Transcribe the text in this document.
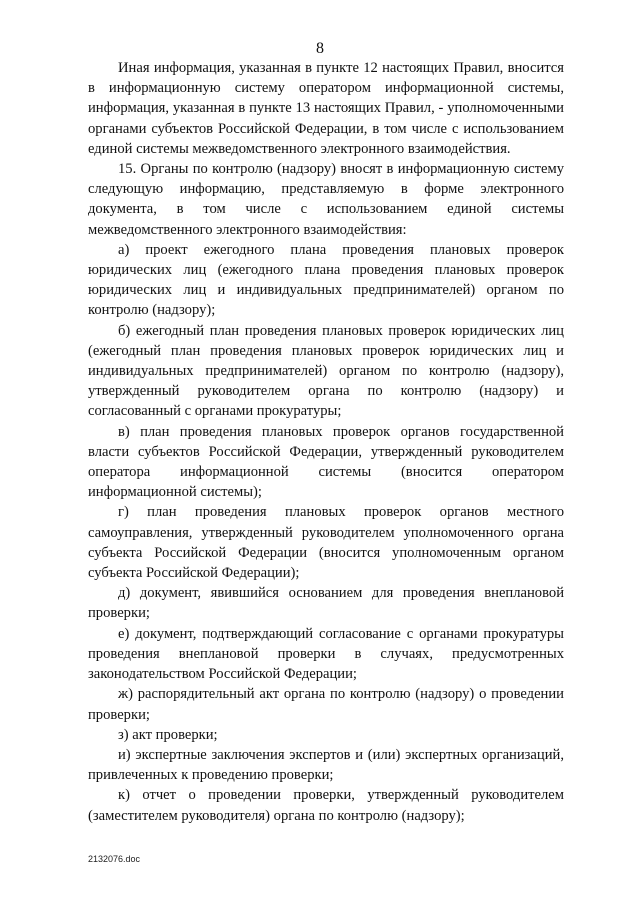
8

Иная информация, указанная в пункте 12 настоящих Правил, вносится в информационную систему оператором информационной системы, информация, указанная в пункте 13 настоящих Правил, - уполномоченными органами субъектов Российской Федерации, в том числе с использованием единой системы межведомственного электронного взаимодействия.

15. Органы по контролю (надзору) вносят в информационную систему следующую информацию, представляемую в форме электронного документа, в том числе с использованием единой системы межведомственного электронного взаимодействия:

а) проект ежегодного плана проведения плановых проверок юридических лиц (ежегодного плана проведения плановых проверок юридических лиц и индивидуальных предпринимателей) органом по контролю (надзору);

б) ежегодный план проведения плановых проверок юридических лиц (ежегодный план проведения плановых проверок юридических лиц и индивидуальных предпринимателей) органом по контролю (надзору), утвержденный руководителем органа по контролю (надзору) и согласованный с органами прокуратуры;

в) план проведения плановых проверок органов государственной власти субъектов Российской Федерации, утвержденный руководителем оператора информационной системы (вносится оператором информационной системы);

г) план проведения плановых проверок органов местного самоуправления, утвержденный руководителем уполномоченного органа субъекта Российской Федерации (вносится уполномоченным органом субъекта Российской Федерации);

д) документ, явившийся основанием для проведения внеплановой проверки;

е) документ, подтверждающий согласование с органами прокуратуры проведения внеплановой проверки в случаях, предусмотренных законодательством Российской Федерации;

ж) распорядительный акт органа по контролю (надзору) о проведении проверки;

з) акт проверки;

и) экспертные заключения экспертов и (или) экспертных организаций, привлеченных к проведению проверки;

к) отчет о проведении проверки, утвержденный руководителем (заместителем руководителя) органа по контролю (надзору);

2132076.doc
